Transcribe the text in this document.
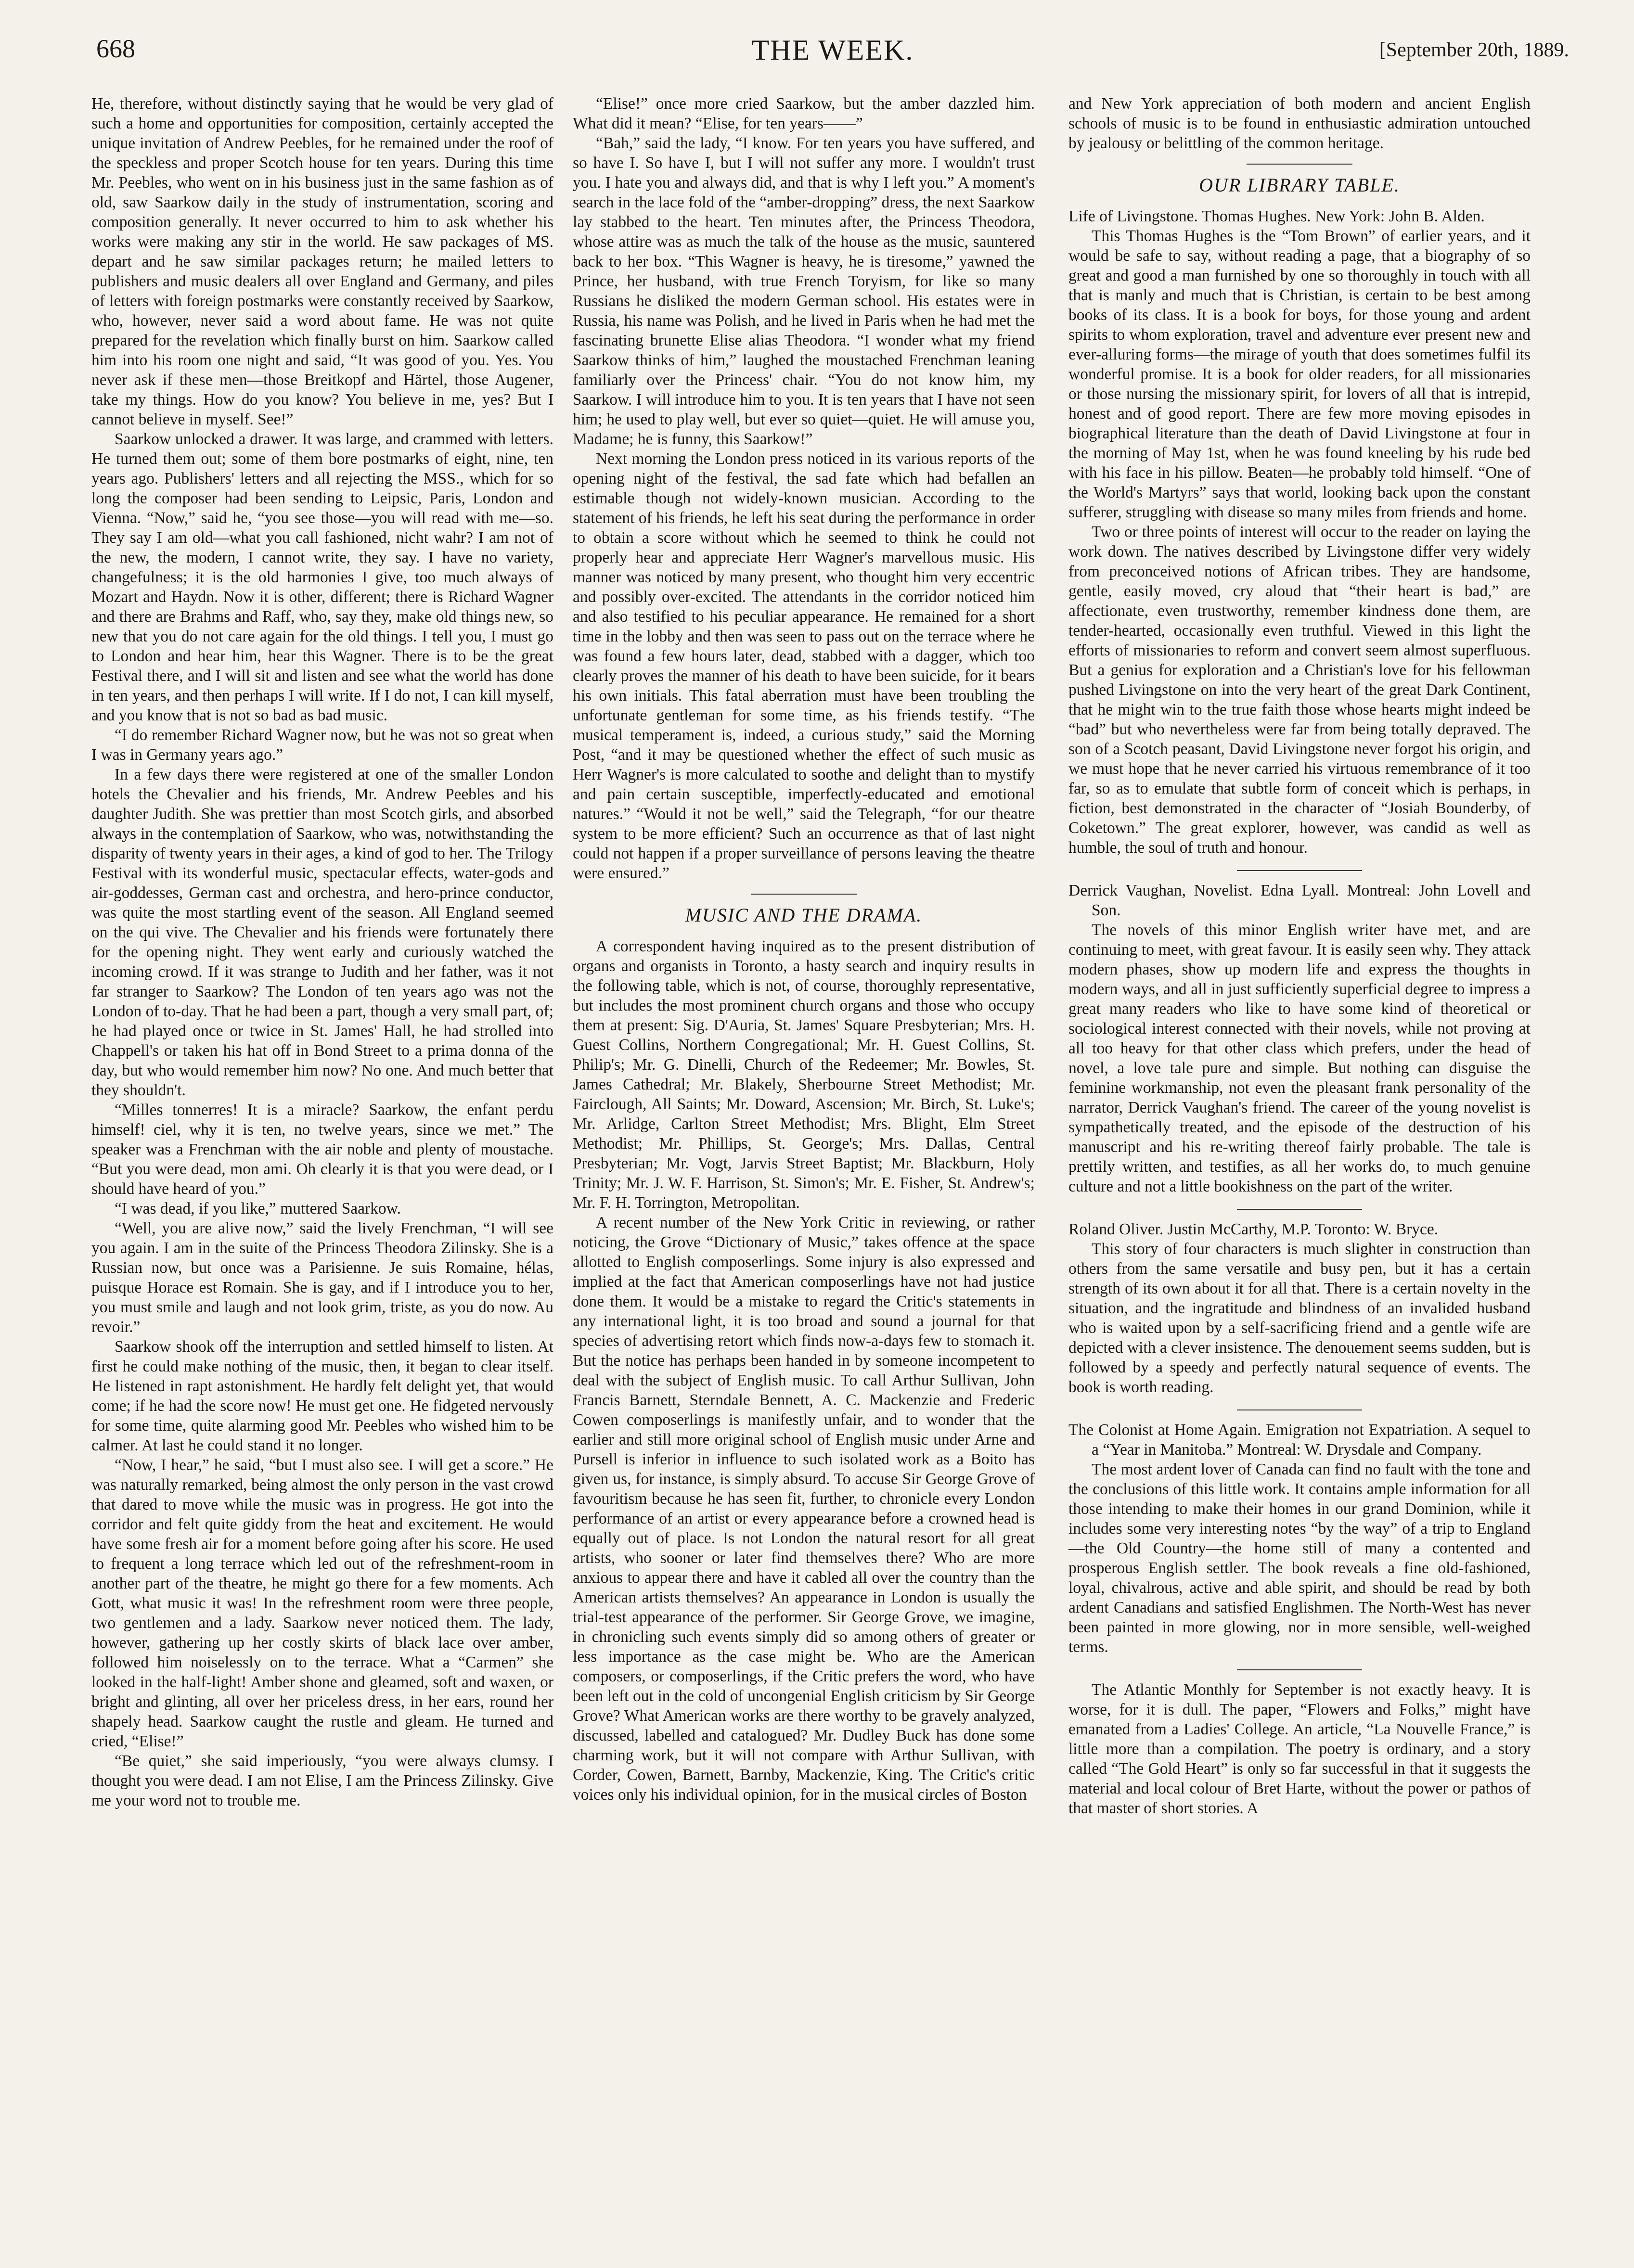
668	THE WEEK.	[September 20th, 1889.

He, therefore, without distinctly saying that he would be very glad of such a home and opportunities for composition, certainly accepted the unique invitation of Andrew Peebles, for he remained under the roof of the speckless and proper Scotch house for ten years. During this time Mr. Peebles, who went on in his business just in the same fashion as of old, saw Saarkow daily in the study of instrumentation, scoring and composition generally. It never occurred to him to ask whether his works were making any stir in the world. He saw packages of MS. depart and he saw similar packages return; he mailed letters to publishers and music dealers all over England and Germany, and piles of letters with foreign postmarks were constantly received by Saarkow, who, however, never said a word about fame. He was not quite prepared for the revelation which finally burst on him. Saarkow called him into his room one night and said, “It was good of you. Yes. You never ask if these men—those Breitkopf and Härtel, those Augener, take my things. How do you know? You believe in me, yes? But I cannot believe in myself. See!”

Saarkow unlocked a drawer. It was large, and crammed with letters. He turned them out; some of them bore postmarks of eight, nine, ten years ago. Publishers' letters and all rejecting the MSS., which for so long the composer had been sending to Leipsic, Paris, London and Vienna. “Now,” said he, “you see those—you will read with me—so. They say I am old—what you call fashioned, nicht wahr? I am not of the new, the modern, I cannot write, they say. I have no variety, changefulness; it is the old harmonies I give, too much always of Mozart and Haydn. Now it is other, different; there is Richard Wagner and there are Brahms and Raff, who, say they, make old things new, so new that you do not care again for the old things. I tell you, I must go to London and hear him, hear this Wagner. There is to be the great Festival there, and I will sit and listen and see what the world has done in ten years, and then perhaps I will write. If I do not, I can kill myself, and you know that is not so bad as bad music.

“I do remember Richard Wagner now, but he was not so great when I was in Germany years ago.”

In a few days there were registered at one of the smaller London hotels the Chevalier and his friends, Mr. Andrew Peebles and his daughter Judith. She was prettier than most Scotch girls, and absorbed always in the contemplation of Saarkow, who was, notwithstanding the disparity of twenty years in their ages, a kind of god to her. The Trilogy Festival with its wonderful music, spectacular effects, water-gods and air-goddesses, German cast and orchestra, and hero-prince conductor, was quite the most startling event of the season. All England seemed on the qui vive. The Chevalier and his friends were fortunately there for the opening night. They went early and curiously watched the incoming crowd. If it was strange to Judith and her father, was it not far stranger to Saarkow? The London of ten years ago was not the London of to-day. That he had been a part, though a very small part, of; he had played once or twice in St. James' Hall, he had strolled into Chappell's or taken his hat off in Bond Street to a prima donna of the day, but who would remember him now? No one. And much better that they shouldn't.

“Milles tonnerres! It is a miracle? Saarkow, the enfant perdu himself! ciel, why it is ten, no twelve years, since we met.” The speaker was a Frenchman with the air noble and plenty of moustache. “But you were dead, mon ami. Oh clearly it is that you were dead, or I should have heard of you.”

“I was dead, if you like,” muttered Saarkow.

“Well, you are alive now,” said the lively Frenchman, “I will see you again. I am in the suite of the Princess Theodora Zilinsky. She is a Russian now, but once was a Parisienne. Je suis Romaine, hélas, puisque Horace est Romain. She is gay, and if I introduce you to her, you must smile and laugh and not look grim, triste, as you do now. Au revoir.”

Saarkow shook off the interruption and settled himself to listen. At first he could make nothing of the music, then, it began to clear itself. He listened in rapt astonishment. He hardly felt delight yet, that would come; if he had the score now! He must get one. He fidgeted nervously for some time, quite alarming good Mr. Peebles who wished him to be calmer. At last he could stand it no longer.

“Now, I hear,” he said, “but I must also see. I will get a score.” He was naturally remarked, being almost the only person in the vast crowd that dared to move while the music was in progress. He got into the corridor and felt quite giddy from the heat and excitement. He would have some fresh air for a moment before going after his score. He used to frequent a long terrace which led out of the refreshment-room in another part of the theatre, he might go there for a few moments. Ach Gott, what music it was! In the refreshment room were three people, two gentlemen and a lady. Saarkow never noticed them. The lady, however, gathering up her costly skirts of black lace over amber, followed him noiselessly on to the terrace. What a “Carmen” she looked in the half-light! Amber shone and gleamed, soft and waxen, or bright and glinting, all over her priceless dress, in her ears, round her shapely head. Saarkow caught the rustle and gleam. He turned and cried, “Elise!”

“Be quiet,” she said imperiously, “you were always clumsy. I thought you were dead. I am not Elise, I am the Princess Zilinsky. Give me your word not to trouble me.

“Elise!” once more cried Saarkow, but the amber dazzled him. What did it mean? “Elise, for ten years——”

“Bah,” said the lady, “I know. For ten years you have suffered, and so have I. So have I, but I will not suffer any more. I wouldn't trust you. I hate you and always did, and that is why I left you.” A moment's search in the lace fold of the “amber-dropping” dress, the next Saarkow lay stabbed to the heart. Ten minutes after, the Princess Theodora, whose attire was as much the talk of the house as the music, sauntered back to her box. “This Wagner is heavy, he is tiresome,” yawned the Prince, her husband, with true French Toryism, for like so many Russians he disliked the modern German school. His estates were in Russia, his name was Polish, and he lived in Paris when he had met the fascinating brunette Elise alias Theodora. “I wonder what my friend Saarkow thinks of him,” laughed the moustached Frenchman leaning familiarly over the Princess' chair. “You do not know him, my Saarkow. I will introduce him to you. It is ten years that I have not seen him; he used to play well, but ever so quiet—quiet. He will amuse you, Madame; he is funny, this Saarkow!”

Next morning the London press noticed in its various reports of the opening night of the festival, the sad fate which had befallen an estimable though not widely-known musician. According to the statement of his friends, he left his seat during the performance in order to obtain a score without which he seemed to think he could not properly hear and appreciate Herr Wagner's marvellous music. His manner was noticed by many present, who thought him very eccentric and possibly over-excited. The attendants in the corridor noticed him and also testified to his peculiar appearance. He remained for a short time in the lobby and then was seen to pass out on the terrace where he was found a few hours later, dead, stabbed with a dagger, which too clearly proves the manner of his death to have been suicide, for it bears his own initials. This fatal aberration must have been troubling the unfortunate gentleman for some time, as his friends testify. “The musical temperament is, indeed, a curious study,” said the Morning Post, “and it may be questioned whether the effect of such music as Herr Wagner's is more calculated to soothe and delight than to mystify and pain certain susceptible, imperfectly-educated and emotional natures.” “Would it not be well,” said the Telegraph, “for our theatre system to be more efficient? Such an occurrence as that of last night could not happen if a proper surveillance of persons leaving the theatre were ensured.”

MUSIC AND THE DRAMA.

A correspondent having inquired as to the present distribution of organs and organists in Toronto, a hasty search and inquiry results in the following table, which is not, of course, thoroughly representative, but includes the most prominent church organs and those who occupy them at present: Sig. D'Auria, St. James' Square Presbyterian; Mrs. H. Guest Collins, Northern Congregational; Mr. H. Guest Collins, St. Philip's; Mr. G. Dinelli, Church of the Redeemer; Mr. Bowles, St. James Cathedral; Mr. Blakely, Sherbourne Street Methodist; Mr. Fairclough, All Saints; Mr. Doward, Ascension; Mr. Birch, St. Luke's; Mr. Arlidge, Carlton Street Methodist; Mrs. Blight, Elm Street Methodist; Mr. Phillips, St. George's; Mrs. Dallas, Central Presbyterian; Mr. Vogt, Jarvis Street Baptist; Mr. Blackburn, Holy Trinity; Mr. J. W. F. Harrison, St. Simon's; Mr. E. Fisher, St. Andrew's; Mr. F. H. Torrington, Metropolitan.

A recent number of the New York Critic in reviewing, or rather noticing, the Grove “Dictionary of Music,” takes offence at the space allotted to English composerlings. Some injury is also expressed and implied at the fact that American composerlings have not had justice done them. It would be a mistake to regard the Critic's statements in any international light, it is too broad and sound a journal for that species of advertising retort which finds now-a-days few to stomach it. But the notice has perhaps been handed in by someone incompetent to deal with the subject of English music. To call Arthur Sullivan, John Francis Barnett, Sterndale Bennett, A. C. Mackenzie and Frederic Cowen composerlings is manifestly unfair, and to wonder that the earlier and still more original school of English music under Arne and Pursell is inferior in influence to such isolated work as a Boito has given us, for instance, is simply absurd. To accuse Sir George Grove of favouritism because he has seen fit, further, to chronicle every London performance of an artist or every appearance before a crowned head is equally out of place. Is not London the natural resort for all great artists, who sooner or later find themselves there? Who are more anxious to appear there and have it cabled all over the country than the American artists themselves? An appearance in London is usually the trial-test appearance of the performer. Sir George Grove, we imagine, in chronicling such events simply did so among others of greater or less importance as the case might be. Who are the American composers, or composerlings, if the Critic prefers the word, who have been left out in the cold of uncongenial English criticism by Sir George Grove? What American works are there worthy to be gravely analyzed, discussed, labelled and catalogued? Mr. Dudley Buck has done some charming work, but it will not compare with Arthur Sullivan, with Corder, Cowen, Barnett, Barnby, Mackenzie, King. The Critic's critic voices only his individual opinion, for in the musical circles of Boston

and New York appreciation of both modern and ancient English schools of music is to be found in enthusiastic admiration untouched by jealousy or belittling of the common heritage.

OUR LIBRARY TABLE.

Life of Livingstone. Thomas Hughes. New York: John B. Alden.

This Thomas Hughes is the “Tom Brown” of earlier years, and it would be safe to say, without reading a page, that a biography of so great and good a man furnished by one so thoroughly in touch with all that is manly and much that is Christian, is certain to be best among books of its class. It is a book for boys, for those young and ardent spirits to whom exploration, travel and adventure ever present new and ever-alluring forms—the mirage of youth that does sometimes fulfil its wonderful promise. It is a book for older readers, for all missionaries or those nursing the missionary spirit, for lovers of all that is intrepid, honest and of good report. There are few more moving episodes in biographical literature than the death of David Livingstone at four in the morning of May 1st, when he was found kneeling by his rude bed with his face in his pillow. Beaten—he probably told himself. “One of the World's Martyrs” says that world, looking back upon the constant sufferer, struggling with disease so many miles from friends and home.

Two or three points of interest will occur to the reader on laying the work down. The natives described by Livingstone differ very widely from preconceived notions of African tribes. They are handsome, gentle, easily moved, cry aloud that “their heart is bad,” are affectionate, even trustworthy, remember kindness done them, are tender-hearted, occasionally even truthful. Viewed in this light the efforts of missionaries to reform and convert seem almost superfluous. But a genius for exploration and a Christian's love for his fellowman pushed Livingstone on into the very heart of the great Dark Continent, that he might win to the true faith those whose hearts might indeed be “bad” but who nevertheless were far from being totally depraved. The son of a Scotch peasant, David Livingstone never forgot his origin, and we must hope that he never carried his virtuous remembrance of it too far, so as to emulate that subtle form of conceit which is perhaps, in fiction, best demonstrated in the character of “Josiah Bounderby, of Coketown.” The great explorer, however, was candid as well as humble, the soul of truth and honour.

Derrick Vaughan, Novelist. Edna Lyall. Montreal: John Lovell and Son.

The novels of this minor English writer have met, and are continuing to meet, with great favour. It is easily seen why. They attack modern phases, show up modern life and express the thoughts in modern ways, and all in just sufficiently superficial degree to impress a great many readers who like to have some kind of theoretical or sociological interest connected with their novels, while not proving at all too heavy for that other class which prefers, under the head of novel, a love tale pure and simple. But nothing can disguise the feminine workmanship, not even the pleasant frank personality of the narrator, Derrick Vaughan's friend. The career of the young novelist is sympathetically treated, and the episode of the destruction of his manuscript and his re-writing thereof fairly probable. The tale is prettily written, and testifies, as all her works do, to much genuine culture and not a little bookishness on the part of the writer.

Roland Oliver. Justin McCarthy, M.P. Toronto: W. Bryce.

This story of four characters is much slighter in construction than others from the same versatile and busy pen, but it has a certain strength of its own about it for all that. There is a certain novelty in the situation, and the ingratitude and blindness of an invalided husband who is waited upon by a self-sacrificing friend and a gentle wife are depicted with a clever insistence. The denouement seems sudden, but is followed by a speedy and perfectly natural sequence of events. The book is worth reading.

The Colonist at Home Again. Emigration not Expatriation. A sequel to a “Year in Manitoba.” Montreal: W. Drysdale and Company.

The most ardent lover of Canada can find no fault with the tone and the conclusions of this little work. It contains ample information for all those intending to make their homes in our grand Dominion, while it includes some very interesting notes “by the way” of a trip to England —the Old Country—the home still of many a contented and prosperous English settler. The book reveals a fine old-fashioned, loyal, chivalrous, active and able spirit, and should be read by both ardent Canadians and satisfied Englishmen. The North-West has never been painted in more glowing, nor in more sensible, well-weighed terms.

The Atlantic Monthly for September is not exactly heavy. It is worse, for it is dull. The paper, “Flowers and Folks,” might have emanated from a Ladies' College. An article, “La Nouvelle France,” is little more than a compilation. The poetry is ordinary, and a story called “The Gold Heart” is only so far successful in that it suggests the material and local colour of Bret Harte, without the power or pathos of that master of short stories. A
